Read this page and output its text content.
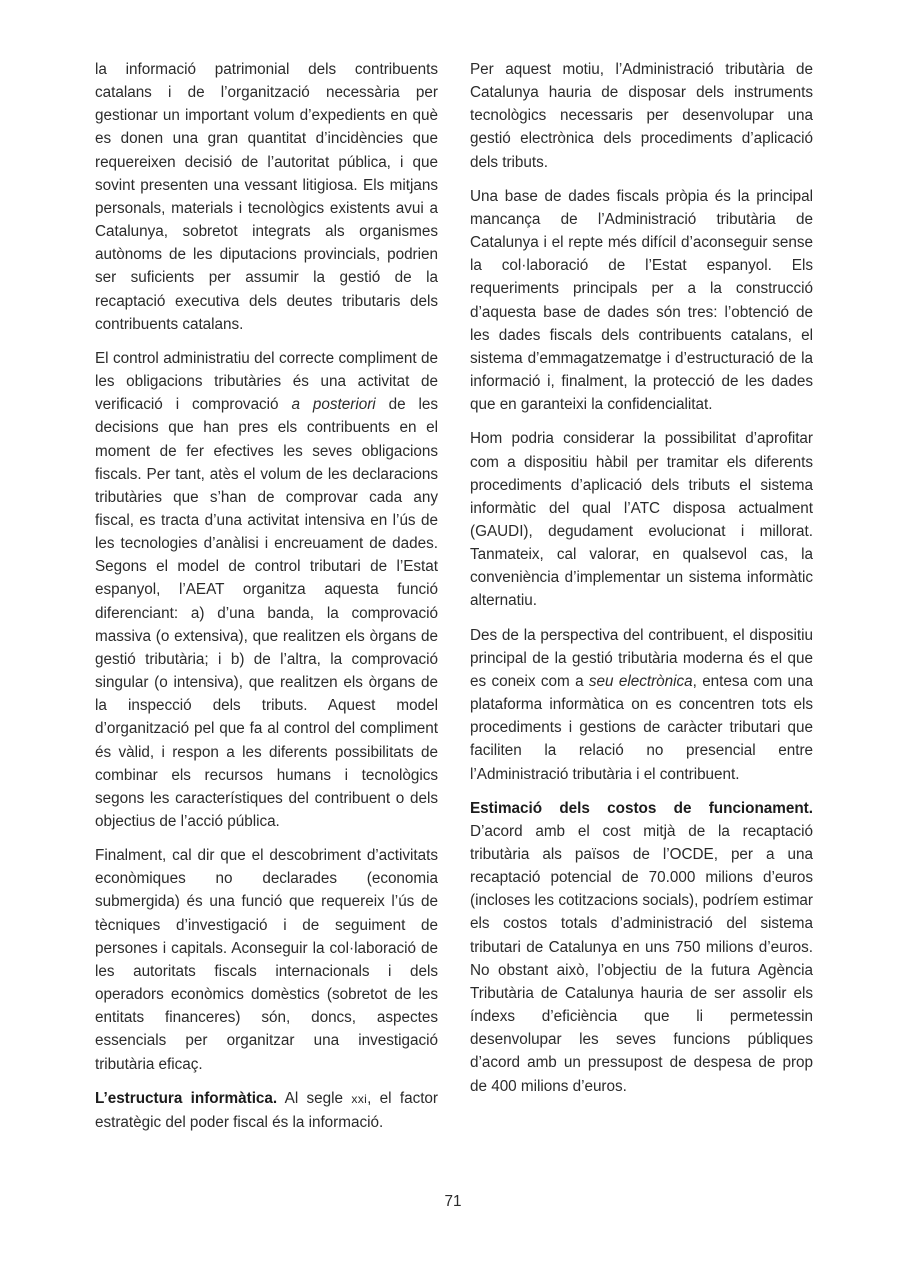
la informació patrimonial dels contribuents catalans i de l’organització necessària per gestionar un important volum d’expedients en què es donen una gran quantitat d’incidències que requereixen decisió de l’autoritat pública, i que sovint presenten una vessant litigiosa. Els mitjans personals, materials i tecnològics existents avui a Catalunya, sobretot integrats als organismes autònoms de les diputacions provincials, podrien ser suficients per assumir la gestió de la recaptació executiva dels deutes tributaris dels contribuents catalans.

El control administratiu del correcte compliment de les obligacions tributàries és una activitat de verificació i comprovació a posteriori de les decisions que han pres els contribuents en el moment de fer efectives les seves obligacions fiscals. Per tant, atès el volum de les declaracions tributàries que s’han de comprovar cada any fiscal, es tracta d’una activitat intensiva en l’ús de les tecnologies d’anàlisi i encreuament de dades. Segons el model de control tributari de l’Estat espanyol, l’AEAT organitza aquesta funció diferenciant: a) d’una banda, la comprovació massiva (o extensiva), que realitzen els òrgans de gestió tributària; i b) de l’altra, la comprovació singular (o intensiva), que realitzen els òrgans de la inspecció dels tributs. Aquest model d’organització pel que fa al control del compliment és vàlid, i respon a les diferents possibilitats de combinar els recursos humans i tecnològics segons les característiques del contribuent o dels objectius de l’acció pública.

Finalment, cal dir que el descobriment d’activitats econòmiques no declarades (economia submergida) és una funció que requereix l’ús de tècniques d’investigació i de seguiment de persones i capitals. Aconseguir la col·laboració de les autoritats fiscals internacionals i dels operadors econòmics domèstics (sobretot de les entitats financeres) són, doncs, aspectes essencials per organitzar una investigació tributària eficaç.

L’estructura informàtica. Al segle xxi, el factor estratègic del poder fiscal és la informació.

Per aquest motiu, l’Administració tributària de Catalunya hauria de disposar dels instruments tecnològics necessaris per desenvolupar una gestió electrònica dels procediments d’aplicació dels tributs.

Una base de dades fiscals pròpia és la principal mancança de l’Administració tributària de Catalunya i el repte més difícil d’aconseguir sense la col·laboració de l’Estat espanyol. Els requeriments principals per a la construcció d’aquesta base de dades són tres: l’obtenció de les dades fiscals dels contribuents catalans, el sistema d’emmagatzematge i d’estructuració de la informació i, finalment, la protecció de les dades que en garanteixi la confidencialitat.

Hom podria considerar la possibilitat d’aprofitar com a dispositiu hàbil per tramitar els diferents procediments d’aplicació dels tributs el sistema informàtic del qual l’ATC disposa actualment (GAUDI), degudament evolucionat i millorat. Tanmateix, cal valorar, en qualsevol cas, la conveniència d’implementar un sistema informàtic alternatiu.

Des de la perspectiva del contribuent, el dispositiu principal de la gestió tributària moderna és el que es coneix com a seu electrònica, entesa com una plataforma informàtica on es concentren tots els procediments i gestions de caràcter tributari que faciliten la relació no presencial entre l’Administració tributària i el contribuent.

Estimació dels costos de funcionament. D’acord amb el cost mitjà de la recaptació tributària als països de l’OCDE, per a una recaptació potencial de 70.000 milions d’euros (incloses les cotitzacions socials), podríem estimar els costos totals d’administració del sistema tributari de Catalunya en uns 750 milions d’euros. No obstant això, l’objectiu de la futura Agència Tributària de Catalunya hauria de ser assolir els índexs d’eficiència que li permetessin desenvolupar les seves funcions públiques d’acord amb un pressupost de despesa de prop de 400 milions d’euros.

71
